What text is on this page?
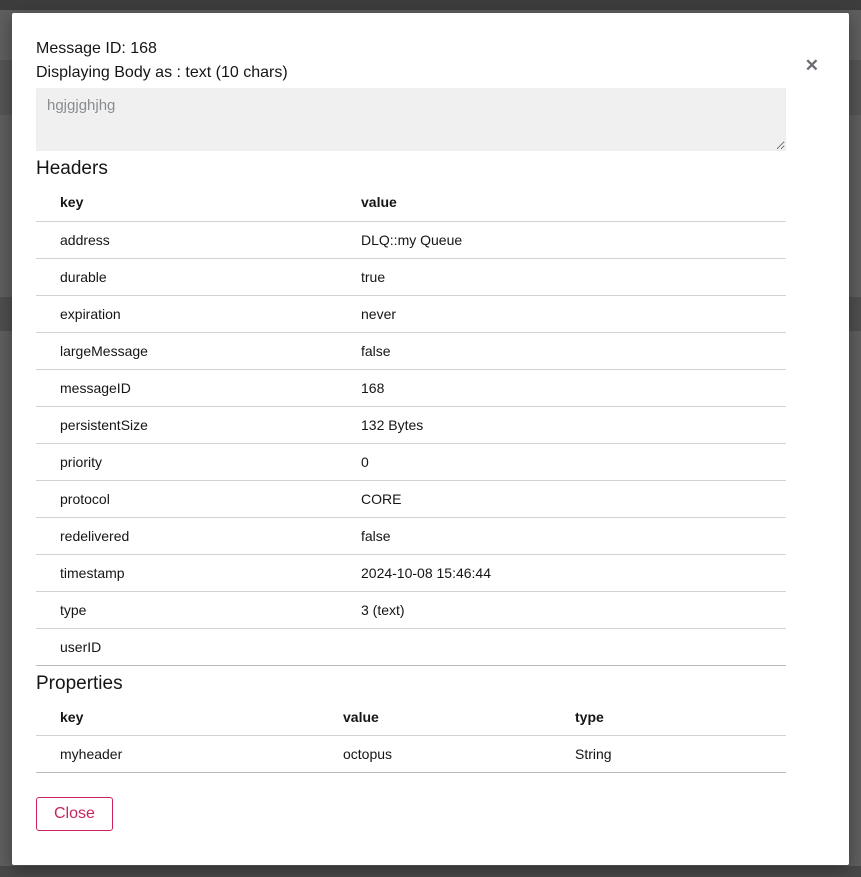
✕
Message ID: 168
Displaying Body as : text (10 chars)
hgjgjghjhg
Headers
key	value
address	DLQ::my Queue
durable	true
expiration	never
largeMessage	false
messageID	168
persistentSize	132 Bytes
priority	0
protocol	CORE
redelivered	false
timestamp	2024-10-08 15:46:44
type	3 (text)
userID	
Properties
key	value	type
myheader	octopus	String
Close
